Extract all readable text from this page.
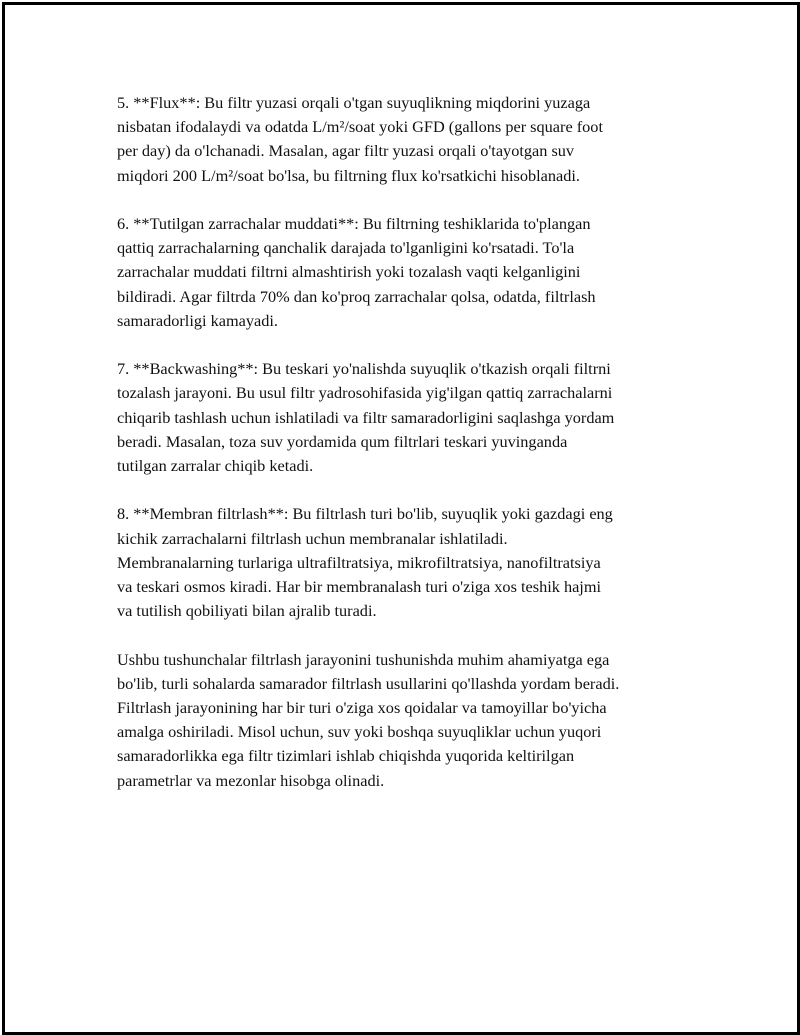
5. **Flux**: Bu filtr yuzasi orqali o'tgan suyuqlikning miqdorini yuzaga
nisbatan ifodalaydi va odatda L/m²/soat yoki GFD (gallons per square foot
per day) da o'lchanadi. Masalan, agar filtr yuzasi orqali o'tayotgan suv
miqdori 200 L/m²/soat bo'lsa, bu filtrning flux ko'rsatkichi hisoblanadi.

6. **Tutilgan zarrachalar muddati**: Bu filtrning teshiklarida to'plangan
qattiq zarrachalarning qanchalik darajada to'lganligini ko'rsatadi. To'la
zarrachalar muddati filtrni almashtirish yoki tozalash vaqti kelganligini
bildiradi. Agar filtrda 70% dan ko'proq zarrachalar qolsa, odatda, filtrlash
samaradorligi kamayadi.

7. **Backwashing**: Bu teskari yo'nalishda suyuqlik o'tkazish orqali filtrni
tozalash jarayoni. Bu usul filtr yadrosohifasida yig'ilgan qattiq zarrachalarni
chiqarib tashlash uchun ishlatiladi va filtr samaradorligini saqlashga yordam
beradi. Masalan, toza suv yordamida qum filtrlari teskari yuvinganda
tutilgan zarralar chiqib ketadi.

8. **Membran filtrlash**: Bu filtrlash turi bo'lib, suyuqlik yoki gazdagi eng
kichik zarrachalarni filtrlash uchun membranalar ishlatiladi.
Membranalarning turlariga ultrafiltratsiya, mikrofiltratsiya, nanofiltratsiya
va teskari osmos kiradi. Har bir membranalash turi o'ziga xos teshik hajmi
va tutilish qobiliyati bilan ajralib turadi.

Ushbu tushunchalar filtrlash jarayonini tushunishda muhim ahamiyatga ega
bo'lib, turli sohalarda samarador filtrlash usullarini qo'llashda yordam beradi.
Filtrlash jarayonining har bir turi o'ziga xos qoidalar va tamoyillar bo'yicha
amalga oshiriladi. Misol uchun, suv yoki boshqa suyuqliklar uchun yuqori
samaradorlikka ega filtr tizimlari ishlab chiqishda yuqorida keltirilgan
parametrlar va mezonlar hisobga olinadi.
